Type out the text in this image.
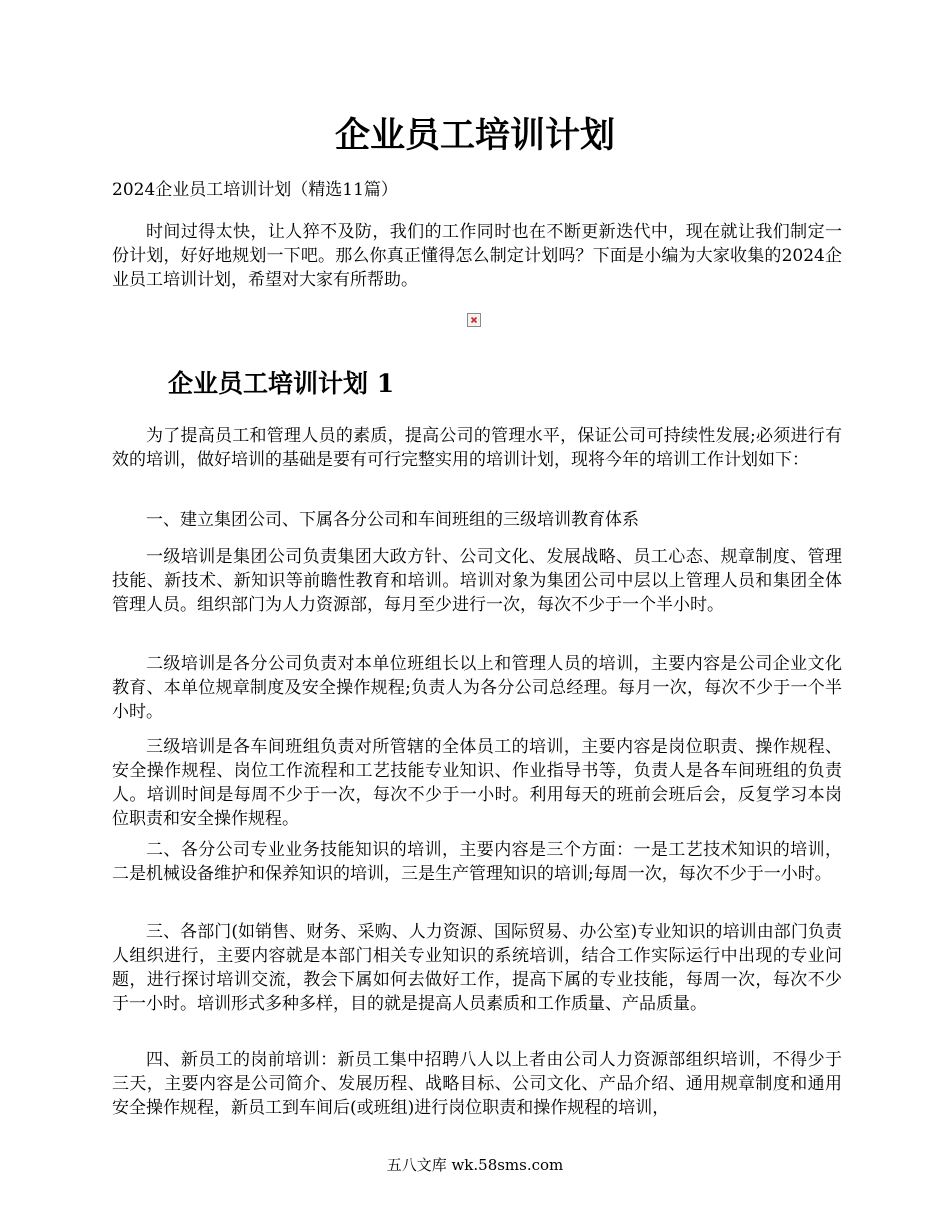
企业员工培训计划

2024企业员工培训计划（精选11篇）

时间过得太快，让人猝不及防，我们的工作同时也在不断更新迭代中，现在就让我们制定一份计划，好好地规划一下吧。那么你真正懂得怎么制定计划吗？下面是小编为大家收集的2024企业员工培训计划，希望对大家有所帮助。

企业员工培训计划 1

为了提高员工和管理人员的素质，提高公司的管理水平，保证公司可持续性发展;必须进行有效的培训，做好培训的基础是要有可行完整实用的培训计划，现将今年的培训工作计划如下：

一、建立集团公司、下属各分公司和车间班组的三级培训教育体系

一级培训是集团公司负责集团大政方针、公司文化、发展战略、员工心态、规章制度、管理技能、新技术、新知识等前瞻性教育和培训。培训对象为集团公司中层以上管理人员和集团全体管理人员。组织部门为人力资源部，每月至少进行一次，每次不少于一个半小时。

二级培训是各分公司负责对本单位班组长以上和管理人员的培训，主要内容是公司企业文化教育、本单位规章制度及安全操作规程;负责人为各分公司总经理。每月一次，每次不少于一个半小时。

三级培训是各车间班组负责对所管辖的全体员工的培训，主要内容是岗位职责、操作规程、安全操作规程、岗位工作流程和工艺技能专业知识、作业指导书等，负责人是各车间班组的负责人。培训时间是每周不少于一次，每次不少于一小时。利用每天的班前会班后会，反复学习本岗位职责和安全操作规程。

二、各分公司专业业务技能知识的培训，主要内容是三个方面：一是工艺技术知识的培训，二是机械设备维护和保养知识的培训，三是生产管理知识的培训;每周一次，每次不少于一小时。

三、各部门(如销售、财务、采购、人力资源、国际贸易、办公室)专业知识的培训由部门负责人组织进行，主要内容就是本部门相关专业知识的系统培训，结合工作实际运行中出现的专业问题，进行探讨培训交流，教会下属如何去做好工作，提高下属的专业技能，每周一次，每次不少于一小时。培训形式多种多样，目的就是提高人员素质和工作质量、产品质量。

四、新员工的岗前培训：新员工集中招聘八人以上者由公司人力资源部组织培训，不得少于三天，主要内容是公司简介、发展历程、战略目标、公司文化、产品介绍、通用规章制度和通用安全操作规程，新员工到车间后(或班组)进行岗位职责和操作规程的培训，

五八文库 wk.58sms.com
